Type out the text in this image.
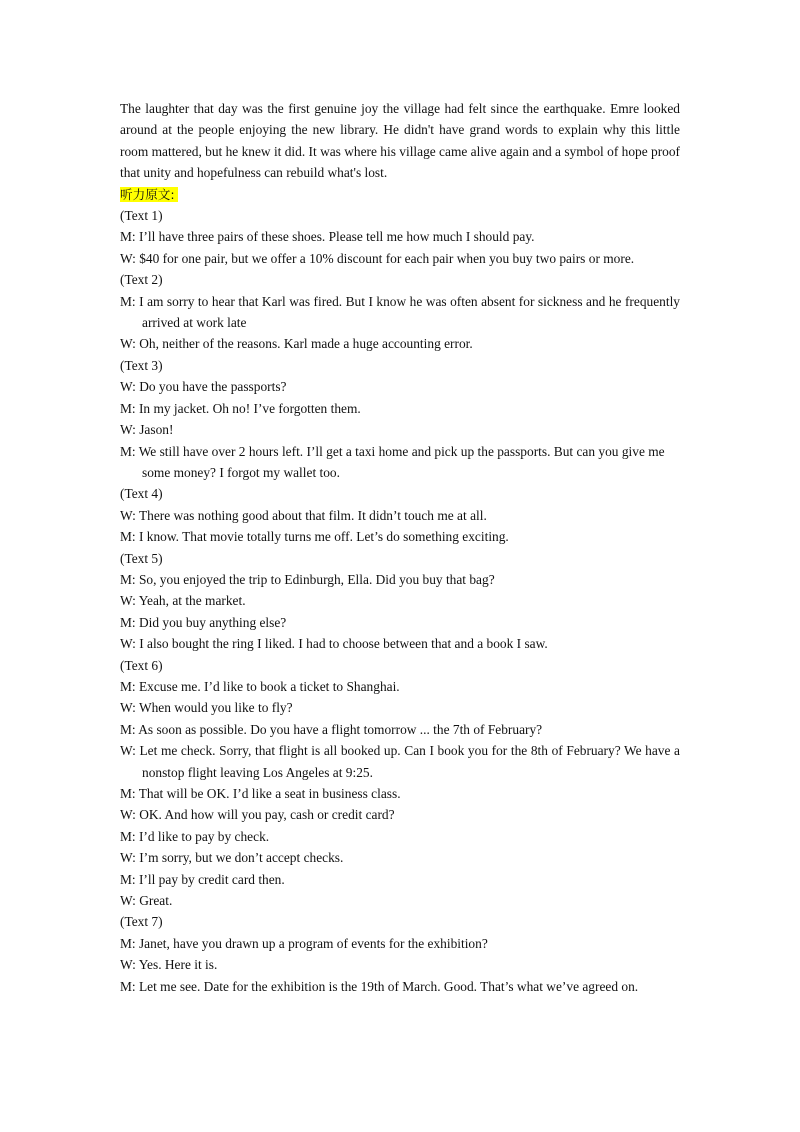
The laughter that day was the first genuine joy the village had felt since the earthquake. Emre looked around at the people enjoying the new library. He didn't have grand words to explain why this little room mattered, but he knew it did. It was where his village came alive again and a symbol of hope proof that unity and hopefulness can rebuild what's lost.

听力原文:

(Text 1)

M: I’ll have three pairs of these shoes. Please tell me how much I should pay.

W: $40 for one pair, but we offer a 10% discount for each pair when you buy two pairs or more.

(Text 2)

M: I am sorry to hear that Karl was fired. But I know he was often absent for sickness and he frequently arrived at work late

W: Oh, neither of the reasons. Karl made a huge accounting error.

(Text 3)

W: Do you have the passports?

M: In my jacket. Oh no! I’ve forgotten them.

W: Jason!

M: We still have over 2 hours left. I’ll get a taxi home and pick up the passports. But can you give me

some money? I forgot my wallet too.

(Text 4)

W: There was nothing good about that film. It didn’t touch me at all.

M: I know. That movie totally turns me off. Let’s do something exciting.

(Text 5)

M: So, you enjoyed the trip to Edinburgh, Ella. Did you buy that bag?

W: Yeah, at the market.

M: Did you buy anything else?

W: I also bought the ring I liked. I had to choose between that and a book I saw.

(Text 6)

M: Excuse me. I’d like to book a ticket to Shanghai.

W: When would you like to fly?

M: As soon as possible. Do you have a flight tomorrow ... the 7th of February?

W: Let me check. Sorry, that flight is all booked up. Can I book you for the 8th of February? We have a nonstop flight leaving Los Angeles at 9:25.

M: That will be OK. I’d like a seat in business class.

W: OK. And how will you pay, cash or credit card?

M: I’d like to pay by check.

W: I’m sorry, but we don’t accept checks.

M: I’ll pay by credit card then.

W: Great.

(Text 7)

M: Janet, have you drawn up a program of events for the exhibition?

W: Yes. Here it is.

M: Let me see. Date for the exhibition is the 19th of March. Good. That’s what we’ve agreed on.
